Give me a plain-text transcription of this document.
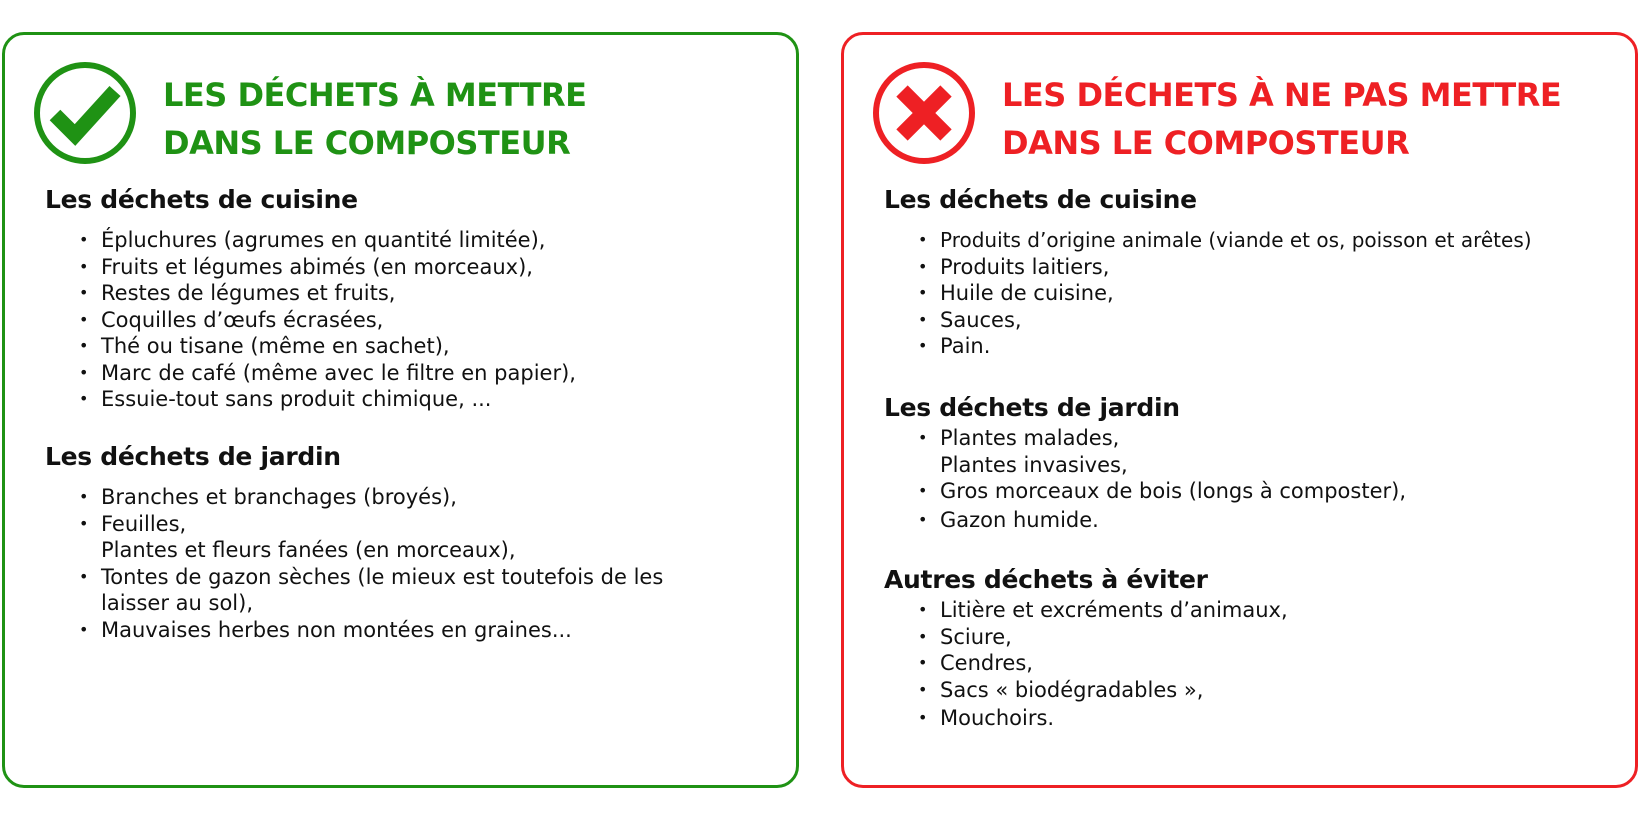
LES DÉCHETS À METTRE
DANS LE COMPOSTEUR
Les déchets de cuisine
• Épluchures (agrumes en quantité limitée),
• Fruits et légumes abimés (en morceaux),
• Restes de légumes et fruits,
• Coquilles d’œufs écrasées,
• Thé ou tisane (même en sachet),
• Marc de café (même avec le filtre en papier),
• Essuie-tout sans produit chimique, ...
Les déchets de jardin
• Branches et branchages (broyés),
• Feuilles,
Plantes et fleurs fanées (en morceaux),
• Tontes de gazon sèches (le mieux est toutefois de les laisser au sol),
• Mauvaises herbes non montées en graines...
LES DÉCHETS À NE PAS METTRE
DANS LE COMPOSTEUR
Les déchets de cuisine
• Produits d’origine animale (viande et os, poisson et arêtes)
• Produits laitiers,
• Huile de cuisine,
• Sauces,
• Pain.
Les déchets de jardin
• Plantes malades,
Plantes invasives,
• Gros morceaux de bois (longs à composter),
• Gazon humide.
Autres déchets à éviter
• Litière et excréments d’animaux,
• Sciure,
• Cendres,
• Sacs « biodégradables »,
• Mouchoirs.
